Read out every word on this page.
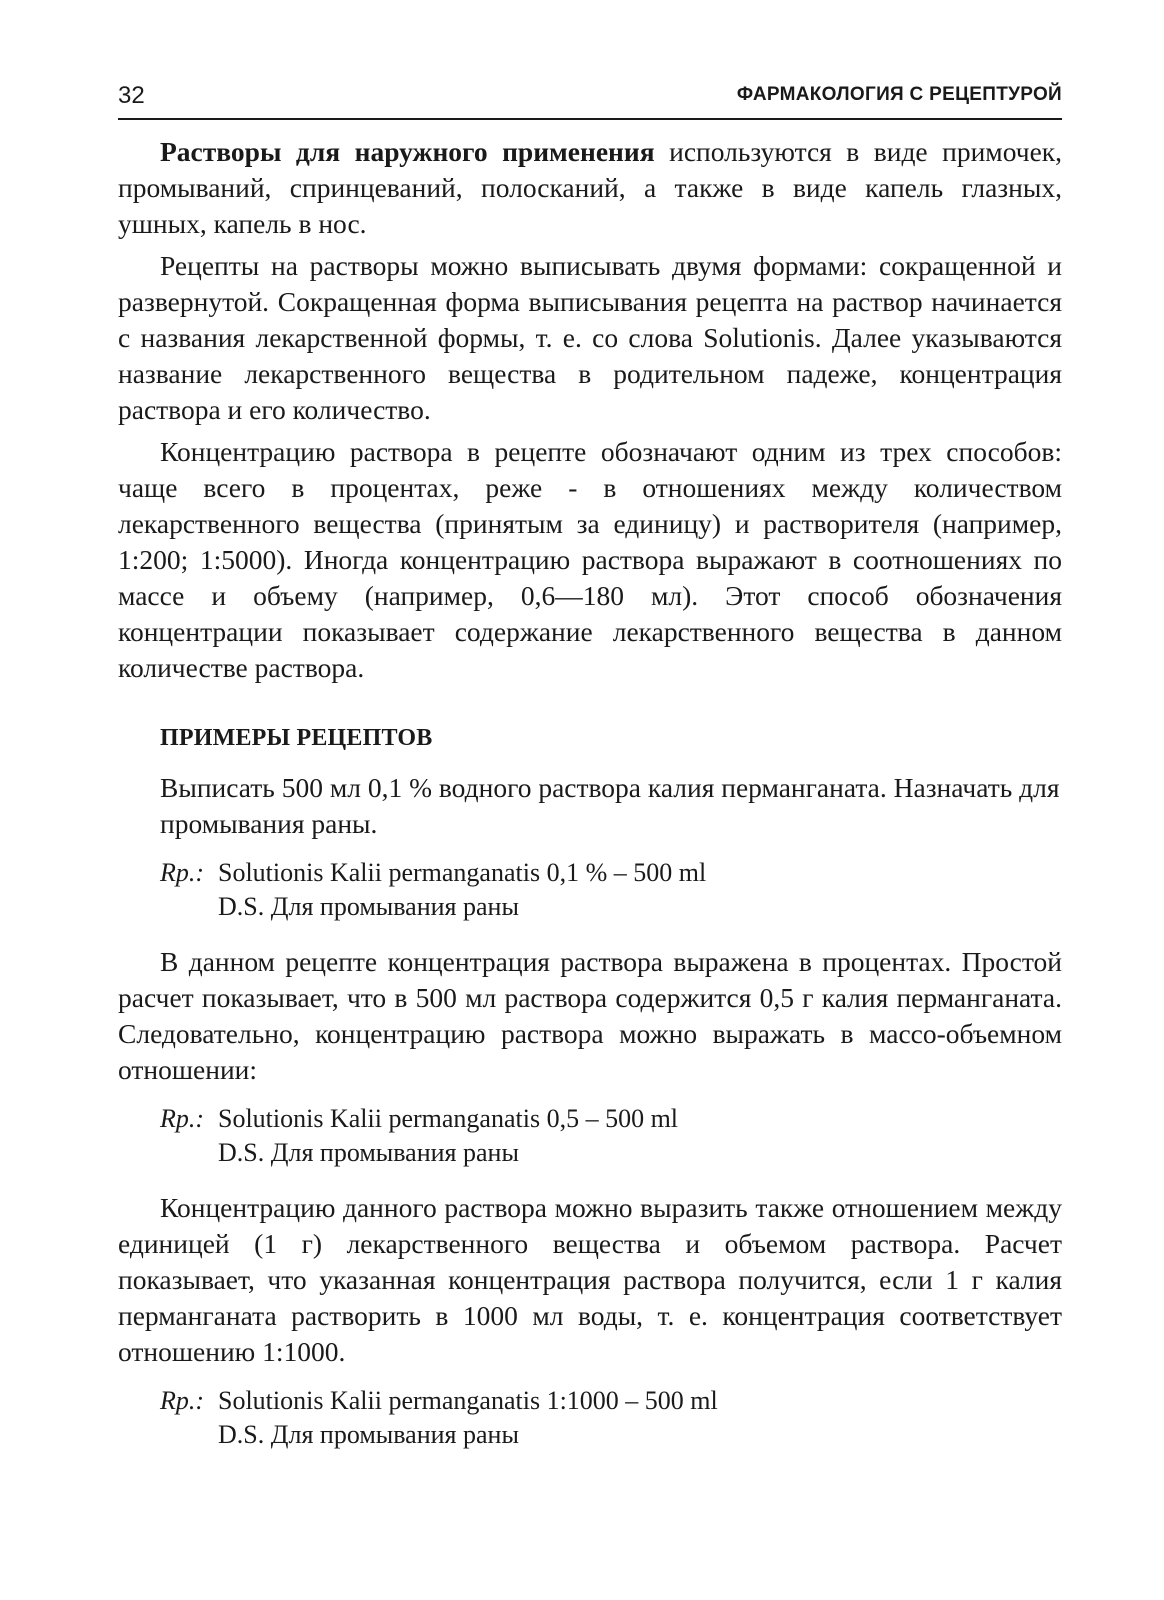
32	ФАРМАКОЛОГИЯ С РЕЦЕПТУРОЙ

Растворы для наружного применения используются в виде примочек, промываний, спринцеваний, полосканий, а также в виде капель глазных, ушных, капель в нос.

Рецепты на растворы можно выписывать двумя формами: сокращенной и развернутой. Сокращенная форма выписывания рецепта на раствор начинается с названия лекарственной формы, т. е. со слова Solutionis. Далее указываются название лекарственного вещества в родительном падеже, концентрация раствора и его количество.

Концентрацию раствора в рецепте обозначают одним из трех способов: чаще всего в процентах, реже - в отношениях между количеством лекарственного вещества (принятым за единицу) и растворителя (например, 1:200; 1:5000). Иногда концентрацию раствора выражают в соотношениях по массе и объему (например, 0,6—180 мл). Этот способ обозначения концентрации показывает содержание лекарственного вещества в данном количестве раствора.

ПРИМЕРЫ РЕЦЕПТОВ

Выписать 500 мл 0,1 % водного раствора калия перманганата. Назначать для промывания раны.

Rp.: Solutionis Kalii permanganatis 0,1 % – 500 ml
D.S. Для промывания раны

В данном рецепте концентрация раствора выражена в процентах. Простой расчет показывает, что в 500 мл раствора содержится 0,5 г калия перманганата. Следовательно, концентрацию раствора можно выражать в массо-объемном отношении:

Rp.: Solutionis Kalii permanganatis 0,5 – 500 ml
D.S. Для промывания раны

Концентрацию данного раствора можно выразить также отношением между единицей (1 г) лекарственного вещества и объемом раствора. Расчет показывает, что указанная концентрация раствора получится, если 1 г калия перманганата растворить в 1000 мл воды, т. е. концентрация соответствует отношению 1:1000.

Rp.: Solutionis Kalii permanganatis 1:1000 – 500 ml
D.S. Для промывания раны
